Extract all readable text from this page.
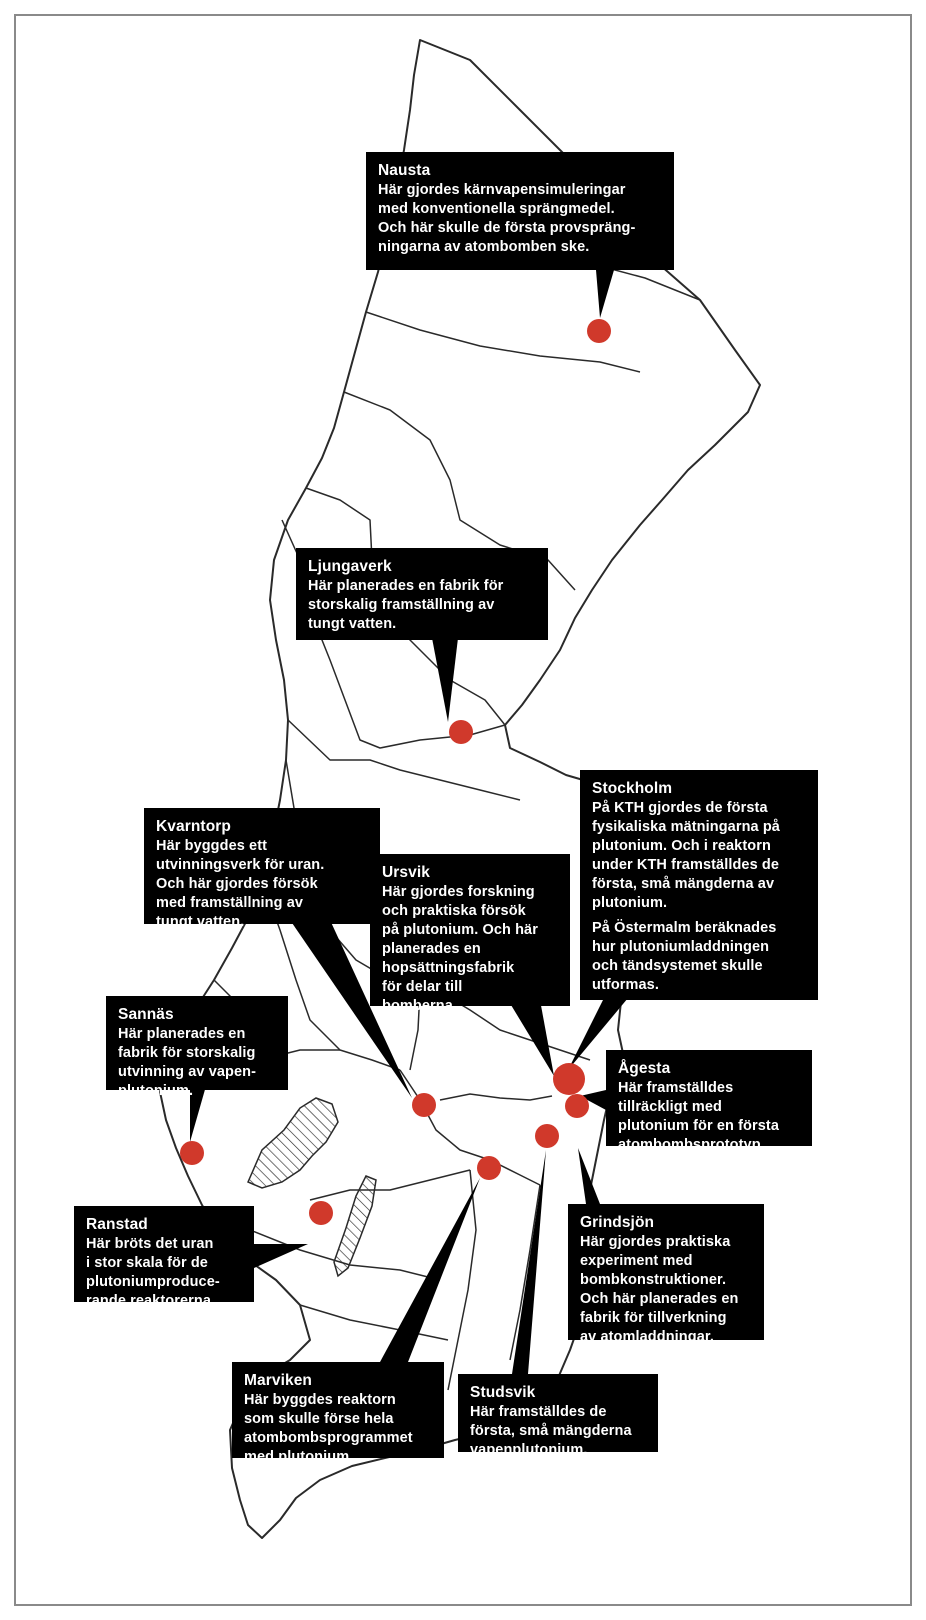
Nausta
Här gjordes kärnvapensimuleringar
med konventionella sprängmedel.
Och här skulle de första provspräng-
ningarna av atombomben ske.
Ljungaverk
Här planerades en fabrik för
storskalig framställning av
tungt vatten.
Stockholm
På KTH gjordes de första
fysikaliska mätningarna på
plutonium. Och i reaktorn
under KTH framställdes de
första, små mängderna av
plutonium.
På Östermalm beräknades
hur plutoniumladdningen
och tändsystemet skulle
utformas.
Kvarntorp
Här byggdes ett
utvinningsverk för uran.
Och här gjordes försök
med framställning av
tungt vatten.
Ursvik
Här gjordes forskning
och praktiska försök
på plutonium. Och här
planerades en
hopsättningsfabrik
för delar till
bomberna.
Sannäs
Här planerades en
fabrik för storskalig
utvinning av vapen-
plutonium.
Ågesta
Här framställdes
tillräckligt med
plutonium för en första
atombombsprototyp.
Ranstad
Här bröts det uran
i stor skala för de
plutoniumproduce-
rande reaktorerna.
Grindsjön
Här gjordes praktiska
experiment med
bombkonstruktioner.
Och här planerades en
fabrik för tillverkning
av atomladdningar.
Marviken
Här byggdes reaktorn
som skulle förse hela
atombombsprogrammet
med plutonium.
Studsvik
Här framställdes de
första, små mängderna
vapenplutonium.
